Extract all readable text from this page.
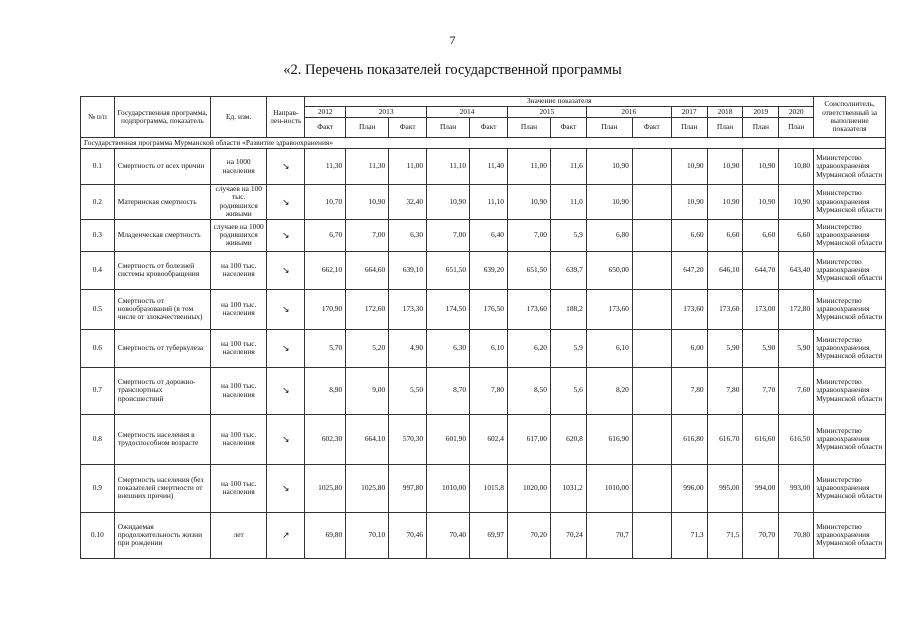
7
«2. Перечень показателей государственной программы
№ п/п	Государственная программа, подпрограмма, показатель	Ед. изм.	Направ-лен-ность	Значение показателя													Соисполнитель, ответственный за выполнение показателя
				2012	2013		2014		2015		2016		2017	2018	2019	2020	
				Факт	План	Факт	План	Факт	План	Факт	План	Факт	План	План	План	План	
Государственная программа Мурманской области «Развитие здравоохранения»																	
0.1	Смертность от всех причин	на 1000 населения	↘	11,30	11,30	11,00	11,10	11,40	11,00	11,6	10,90		10,90	10,90	10,90	10,80	Министерство здравоохранения Мурманской области
0.2	Материнская смертность	случаев на 100 тыс. родившихся живыми	↘	10,70	10,90	32,40	10,90	11,10	10,90	11,0	10,90		10,90	10,90	10,90	10,90	Министерство здравоохранения Мурманской области
0.3	Младенческая смертность	случаев на 1000 родившихся живыми	↘	6,70	7,00	6,30	7,00	6,40	7,00	5,9	6,80		6,60	6,60	6,60	6,60	Министерство здравоохранения Мурманской области
0.4	Смертность от болезней системы кровообращения	на 100 тыс. населения	↘	662,10	664,60	639,10	651,50	639,20	651,50	639,7	650,00		647,20	646,10	644,70	643,40	Министерство здравоохранения Мурманской области
0.5	Смертность от новообразований (в том числе от злокачественных)	на 100 тыс. населения	↘	170,90	172,60	173,30	174,50	176,50	173,60	188,2	173,60		173,60	173,60	173,00	172,80	Министерство здравоохранения Мурманской области
0.6	Смертность от туберкулеза	на 100 тыс. населения	↘	5,70	5,20	4,90	6,30	6,10	6,20	5,9	6,10		6,00	5,90	5,90	5,90	Министерство здравоохранения Мурманской области
0.7	Смертность от дорожно-транспортных происшествий	на 100 тыс. населения	↘	8,90	9,00	5,50	8,70	7,80	8,50	5,6	8,20		7,80	7,80	7,70	7,60	Министерство здравоохранения Мурманской области
0.8	Смертность населения в трудоспособном возрасте	на 100 тыс. населения	↘	602,30	664,10	570,30	601,90	602,4	617,00	620,8	616,90		616,80	616,70	616,60	616,50	Министерство здравоохранения Мурманской области
0.9	Смертность населения (без показателей смертности от внешних причин)	на 100 тыс. населения	↘	1025,80	1025,80	997,80	1010,00	1015,8	1020,00	1031,2	1010,00		996,00	995,00	994,00	993,00	Министерство здравоохранения Мурманской области
0.10	Ожидаемая продолжительность жизни при рождении	лет	↗	69,80	70,10	70,46	70,40	69,97	70,20	70,24	70,7		71,3	71,5	70,70	70,80	Министерство здравоохранения Мурманской области
